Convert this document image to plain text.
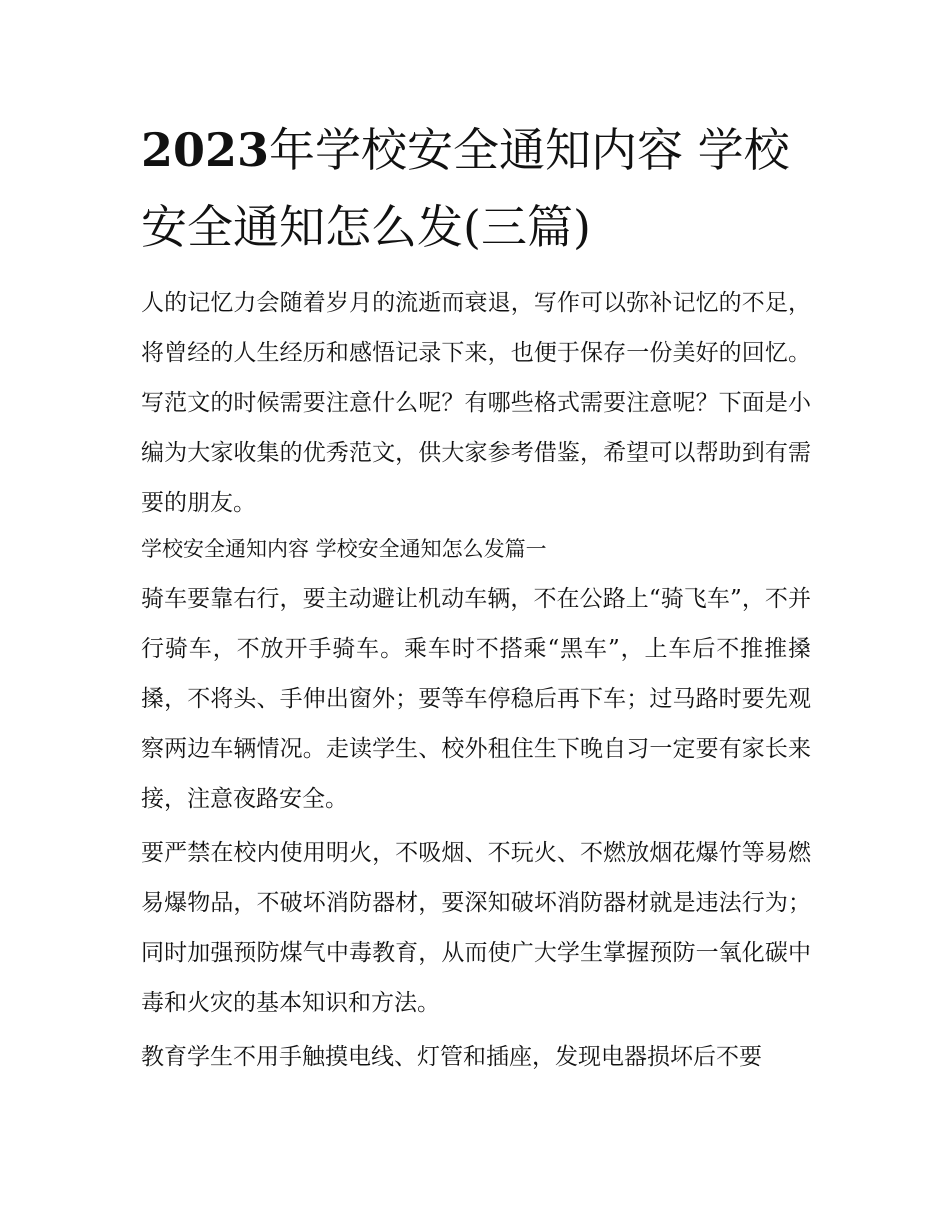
2023年学校安全通知内容 学校安全通知怎么发(三篇)

人的记忆力会随着岁月的流逝而衰退，写作可以弥补记忆的不足，将曾经的人生经历和感悟记录下来，也便于保存一份美好的回忆。写范文的时候需要注意什么呢？有哪些格式需要注意呢？下面是小编为大家收集的优秀范文，供大家参考借鉴，希望可以帮助到有需要的朋友。

学校安全通知内容 学校安全通知怎么发篇一

骑车要靠右行，要主动避让机动车辆，不在公路上“骑飞车”，不并行骑车，不放开手骑车。乘车时不搭乘“黑车”，上车后不推推搡搡，不将头、手伸出窗外；要等车停稳后再下车；过马路时要先观察两边车辆情况。走读学生、校外租住生下晚自习一定要有家长来接，注意夜路安全。

要严禁在校内使用明火，不吸烟、不玩火、不燃放烟花爆竹等易燃易爆物品，不破坏消防器材，要深知破坏消防器材就是违法行为；同时加强预防煤气中毒教育，从而使广大学生掌握预防一氧化碳中毒和火灾的基本知识和方法。

教育学生不用手触摸电线、灯管和插座，发现电器损坏后不要
